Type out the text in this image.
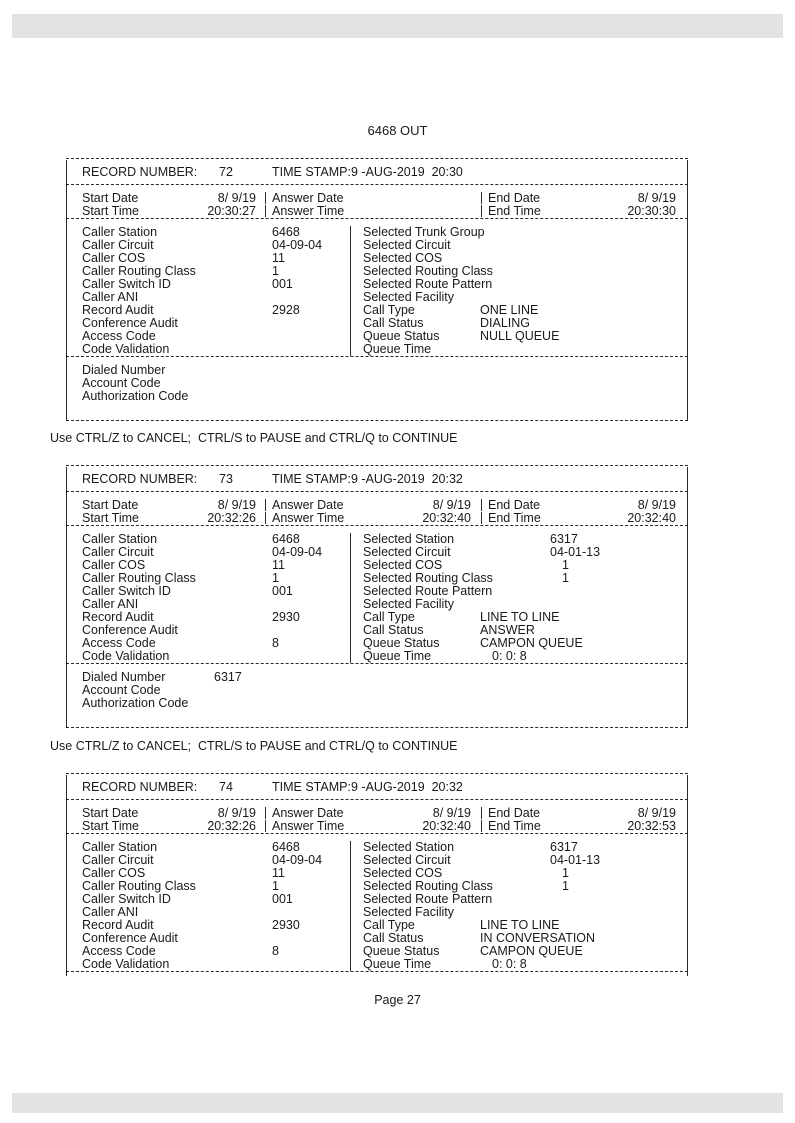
6468 OUT
RECORD NUMBER: 72	TIME STAMP: 9 -AUG-2019  20:30
Start Date	8/ 9/19 Answer Date	End Date	8/ 9/19
Start Time	20:30:27 Answer Time	End Time	20:30:30
Caller Station	6468	Selected Trunk Group
Caller Circuit	04-09-04	Selected Circuit
Caller COS	11	Selected COS
Caller Routing Class	1	Selected Routing Class
Caller Switch ID	001	Selected Route Pattern
Caller ANI	Selected Facility
Record Audit	2928	Call Type	ONE LINE
Conference Audit	Call Status	DIALING
Access Code	Queue Status	NULL QUEUE
Code Validation	Queue Time
Dialed Number
Account Code
Authorization Code
RECORD NUMBER: 73	TIME STAMP: 9 -AUG-2019  20:32
Start Date	8/ 9/19 Answer Date	8/ 9/19 End Date	8/ 9/19
Start Time	20:32:26 Answer Time	20:32:40 End Time	20:32:40
Caller Station	6468	Selected Station	6317
Caller Circuit	04-09-04	Selected Circuit	04-01-13
Caller COS	11	Selected COS	1
Caller Routing Class	1	Selected Routing Class	1
Caller Switch ID	001	Selected Route Pattern
Caller ANI	Selected Facility
Record Audit	2930	Call Type	LINE TO LINE
Conference Audit	Call Status	ANSWER
Access Code	8	Queue Status	CAMPON QUEUE
Code Validation	Queue Time	0: 0: 8
Dialed Number	6317
Account Code
Authorization Code
RECORD NUMBER: 74	TIME STAMP: 9 -AUG-2019  20:32
Start Date	8/ 9/19 Answer Date	8/ 9/19 End Date	8/ 9/19
Start Time	20:32:26 Answer Time	20:32:40 End Time	20:32:53
Caller Station	6468	Selected Station	6317
Caller Circuit	04-09-04	Selected Circuit	04-01-13
Caller COS	11	Selected COS	1
Caller Routing Class	1	Selected Routing Class	1
Caller Switch ID	001	Selected Route Pattern
Caller ANI	Selected Facility
Record Audit	2930	Call Type	LINE TO LINE
Conference Audit	Call Status	IN CONVERSATION
Access Code	8	Queue Status	CAMPON QUEUE
Code Validation	Queue Time	0: 0: 8
Use CTRL/Z to CANCEL;  CTRL/S to PAUSE and CTRL/Q to CONTINUE
Use CTRL/Z to CANCEL;  CTRL/S to PAUSE and CTRL/Q to CONTINUE
Page 27
